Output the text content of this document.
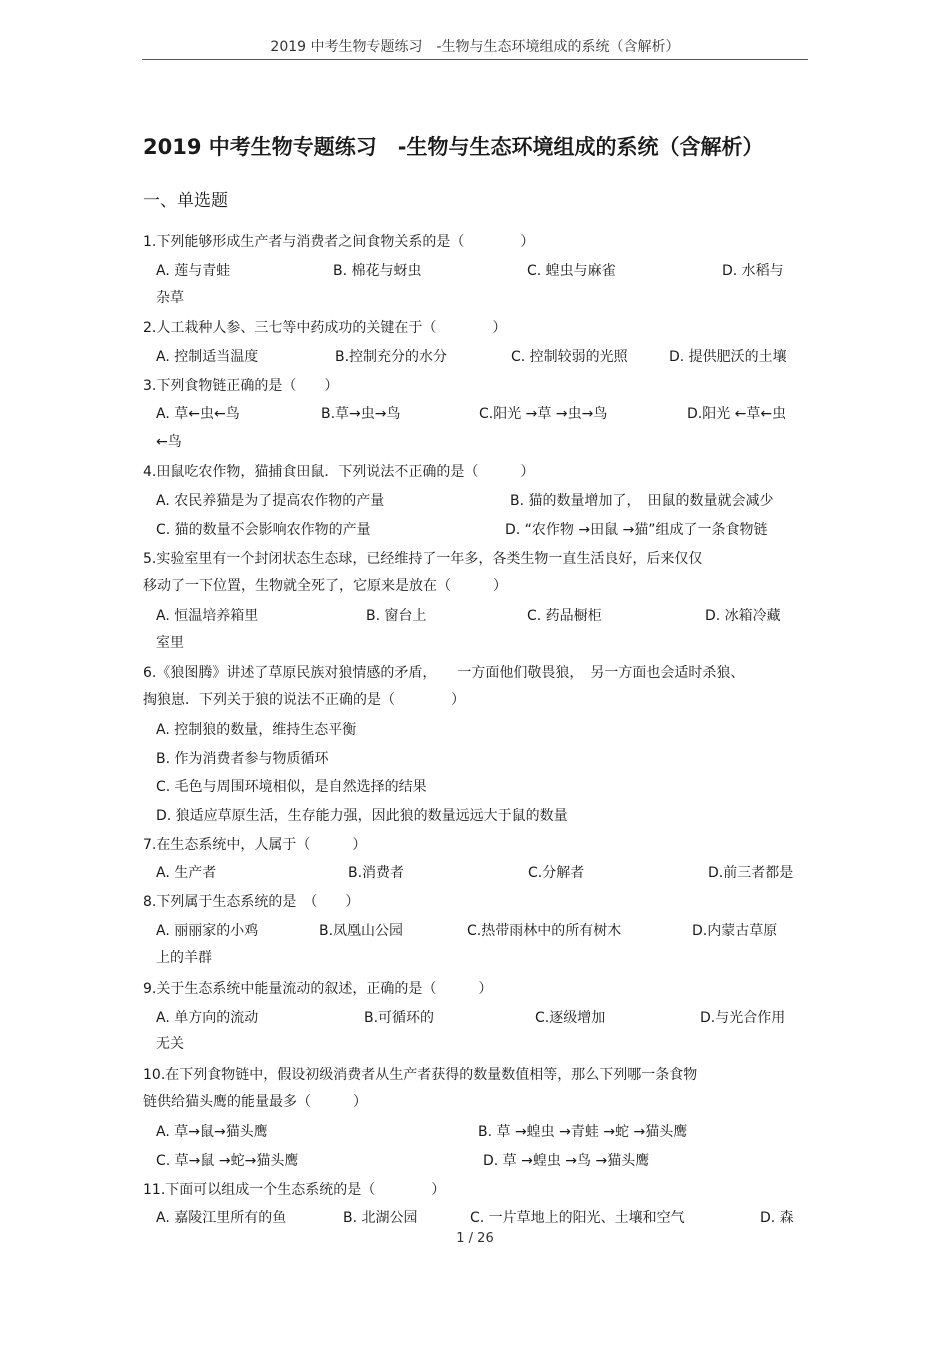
2019 中考生物专题练习　-生物与生态环境组成的系统（含解析）
2019 中考生物专题练习　-生物与生态环境组成的系统（含解析）
一、单选题
1.下列能够形成生产者与消费者之间食物关系的是（　　　　）
A. 莲与青蛙	B. 棉花与蚜虫	C. 蝗虫与麻雀	D. 水稻与
杂草
2.人工栽种人参、三七等中药成功的关键在于（　　　　）
A. 控制适当温度	B.控制充分的水分	C. 控制较弱的光照	D. 提供肥沃的土壤
3.下列食物链正确的是（　　）
A. 草←虫←鸟	B.草→虫→鸟	C.阳光 →草 →虫→鸟	D.阳光 ←草←虫
←鸟
4.田鼠吃农作物，猫捕食田鼠．下列说法不正确的是（　　　）
A. 农民养猫是为了提高农作物的产量	B. 猫的数量增加了，　田鼠的数量就会减少
C. 猫的数量不会影响农作物的产量	D. “农作物 →田鼠 →猫”组成了一条食物链
5.实验室里有一个封闭状态生态球，已经维持了一年多，各类生物一直生活良好，后来仅仅
移动了一下位置，生物就全死了，它原来是放在（　　　）
A. 恒温培养箱里	B. 窗台上	C. 药品橱柜	D. 冰箱冷藏
室里
6.《狼图腾》讲述了草原民族对狼情感的矛盾，　　一方面他们敬畏狼，　另一方面也会适时杀狼、
掏狼崽．下列关于狼的说法不正确的是（　　　　）
A. 控制狼的数量，维持生态平衡
B. 作为消费者参与物质循环
C. 毛色与周围环境相似，是自然选择的结果
D. 狼适应草原生活，生存能力强，因此狼的数量远远大于鼠的数量
7.在生态系统中，人属于（　　　）
A. 生产者	B.消费者	C.分解者	D.前三者都是
8.下列属于生态系统的是　（　　）
A. 丽丽家的小鸡	B.凤凰山公园	C.热带雨林中的所有树木	D.内蒙古草原
上的羊群
9.关于生态系统中能量流动的叙述，正确的是（　　　）
A. 单方向的流动	B.可循环的	C.逐级增加	D.与光合作用
无关
10.在下列食物链中，假设初级消费者从生产者获得的数量数值相等，那么下列哪一条食物
链供给猫头鹰的能量最多（　　　）
A. 草→鼠→猫头鹰	B. 草 →蝗虫 →青蛙 →蛇 →猫头鹰
C. 草→鼠 →蛇→猫头鹰	D. 草 →蝗虫 →鸟 →猫头鹰
11.下面可以组成一个生态系统的是（　　　　）
A. 嘉陵江里所有的鱼	B. 北湖公园	C. 一片草地上的阳光、土壤和空气	D. 森
1 / 26
